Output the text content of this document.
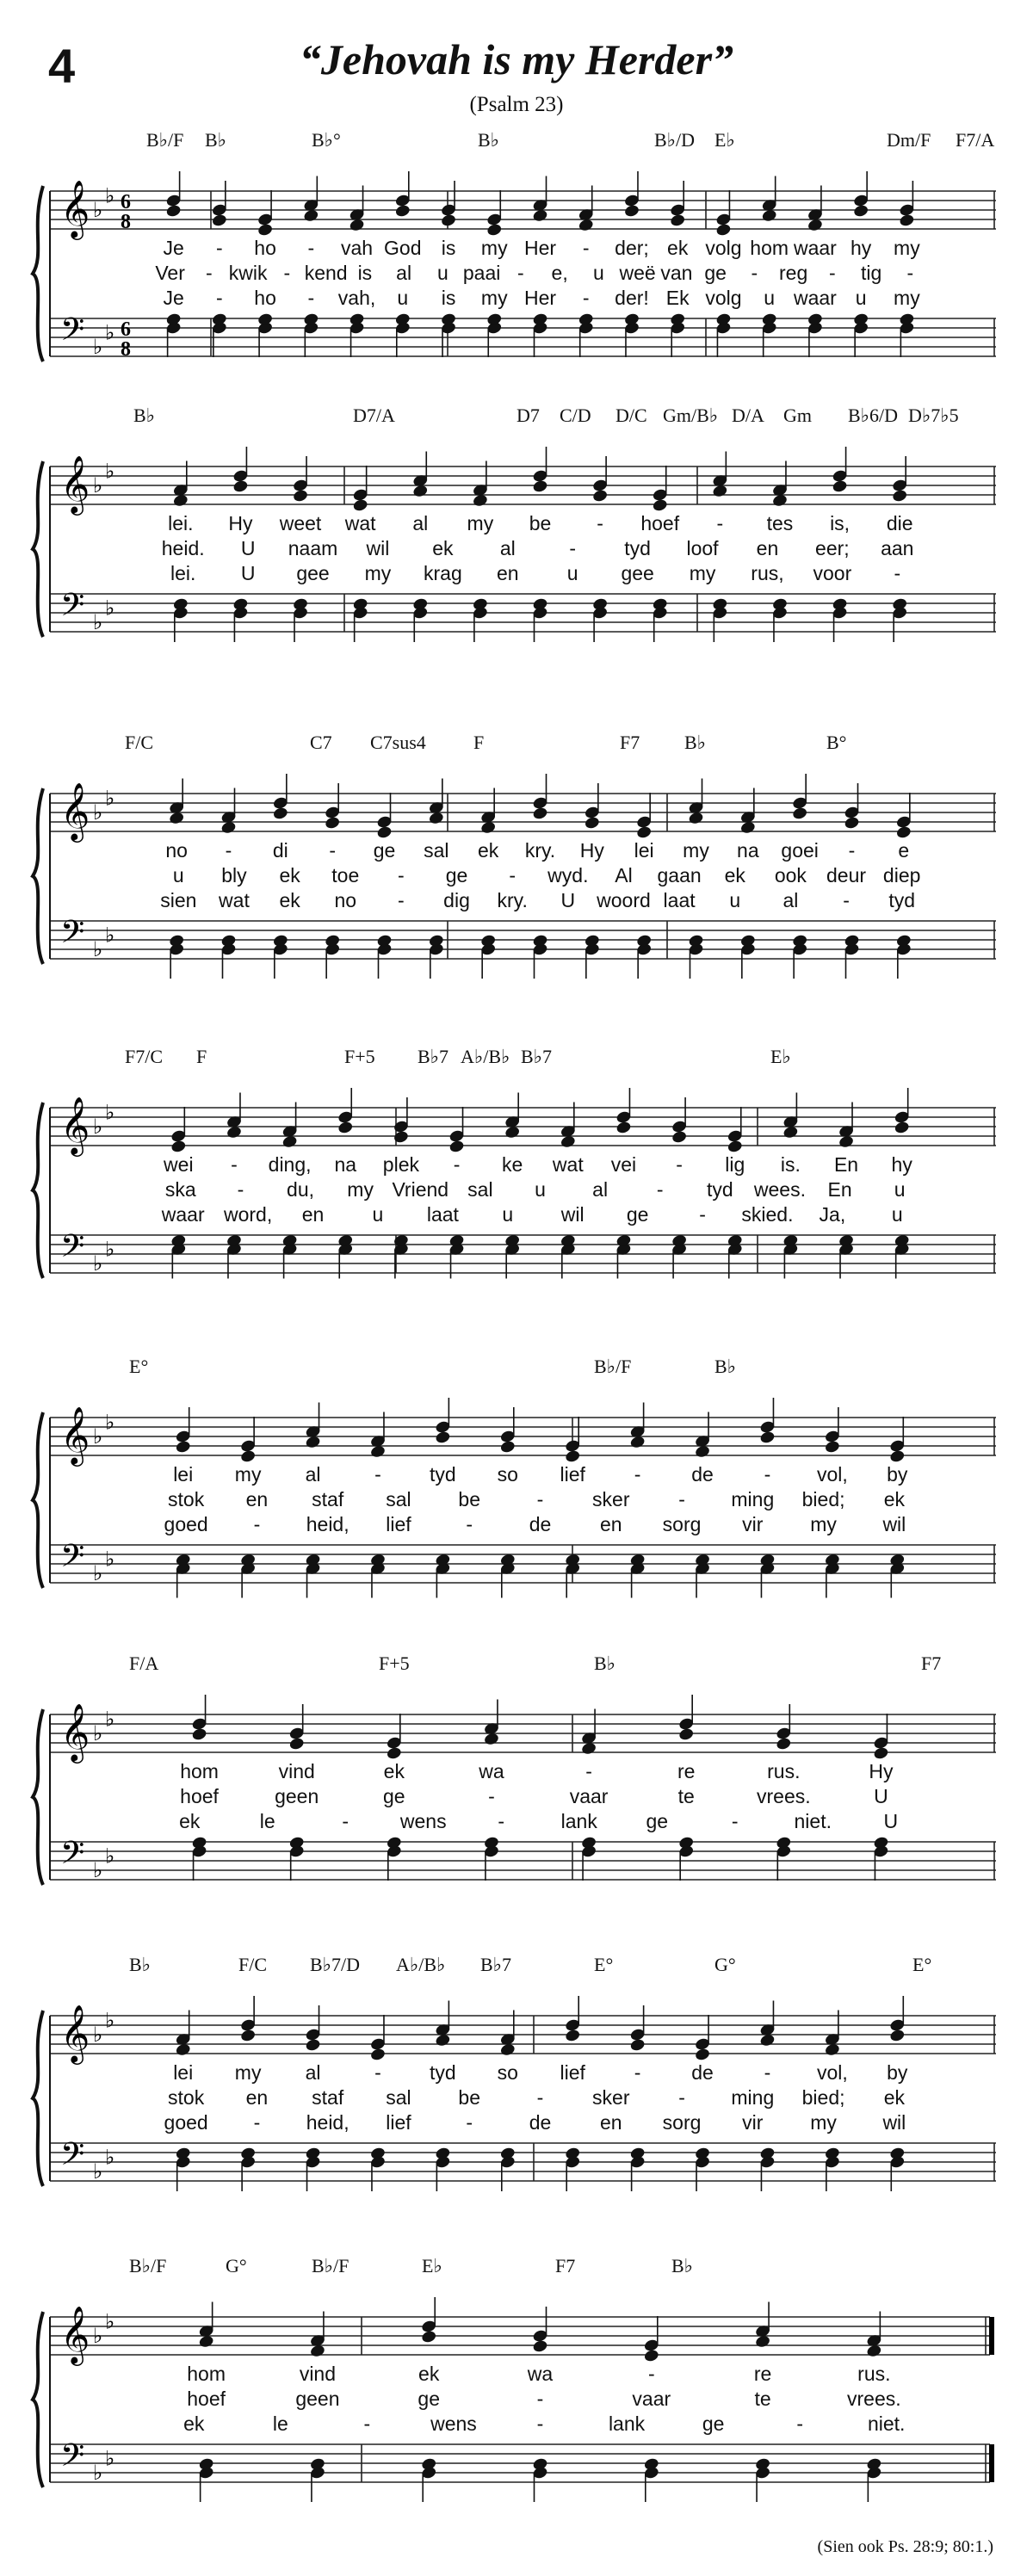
4	“Jehovah is my Herder”
(Psalm 23)
𝄞
𝄢
♭
♭
♭
♭
6
8
6
8
B♭/F B♭	B♭°	B♭	B♭/D E♭	Dm/F F7/A
Je - ho - vah God is my Her - der; ek volg hom waar hy my
Ver - kwik - kend is al u paai - e, u weë van ge - reg - tig -
Je - ho - vah, u is my Her - der! Ek volg u waar u my
𝄞
𝄢
♭
♭
♭
♭
B♭	D7/A	D7 C/D D/C Gm/B♭ D/A Gm B♭6/D D♭7♭5
lei. Hy weet wat al my be - hoef - tes is, die
heid. U naam wil ek al	- tyd loof en eer; aan
lei. U gee my krag en u gee my rus, voor -
𝄞
𝄢
♭
♭
♭
♭
F/C	C7 C7sus4	F	F7 B♭	B°
no - di - ge sal ek kry. Hy lei my na goei - e
u bly ek toe - ge - wyd. Al gaan ek ook deur diep
sien wat ek no - dig kry. U woord laat u al - tyd
𝄞
𝄢
♭
♭
♭
♭
F7/C F	F+5 B♭7 A♭/B♭ B♭7	E♭
wei - ding, na plek - ke wat vei - lig is. En hy
ska - du, my Vriend sal u al - tyd wees. En u
waar word, en u laat u wil ge	- skied. Ja, u
𝄞
𝄢
♭
♭
♭
♭
E°	B♭/F	B♭
lei my al	- tyd so lief -	de	- vol, by
stok en staf sal be	- sker - ming bied; ek
goed - heid, lief	-	de en sorg vir my wil
𝄞
𝄢
♭
♭
♭
♭
F/A	F+5	B♭	F7
hom	vind	ek	wa	-	re	rus.	Hy
hoef	geen	ge	-	vaar	te	vrees.	U
ek	le	-	wens	-	lank ge	-	niet.	U
𝄞
𝄢
♭
♭
♭
♭
B♭	F/C B♭7/D A♭/B♭ B♭7	E°	G°	E°
lei my al	- tyd so lief -	de	- vol, by
stok en staf sal be	- sker - ming bied; ek
goed - heid, lief	-	de en sorg vir my wil
𝄞
𝄢
♭
♭
♭
♭
B♭/F	G°	B♭/F	E♭	F7	B♭
hom	vind	ek	wa	-	re	rus.
hoef	geen	ge	-	vaar	te	vrees.
ek	le	-	wens	-	lank	ge	-	niet.
(Sien ook Ps. 28:9; 80:1.)
